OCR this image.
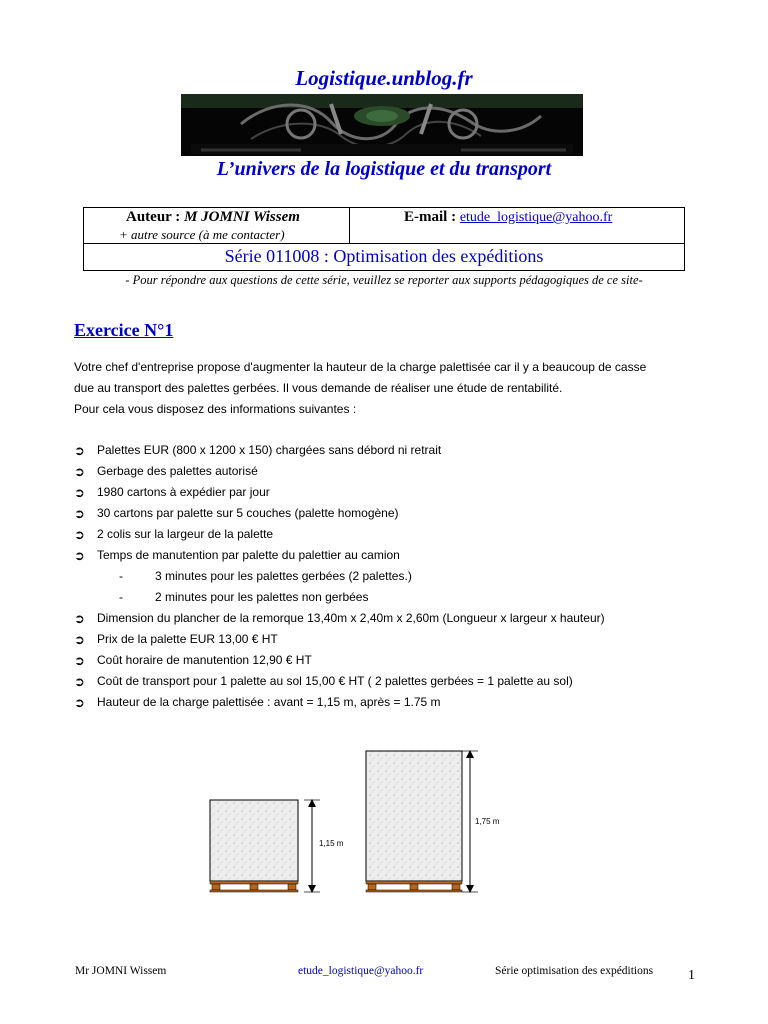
Logistique.unblog.fr
L’univers de la logistique et du transport
Auteur : M JOMNI Wissem
+ autre source (à me contacter)
E-mail : etude_logistique@yahoo.fr
Série 011008 : Optimisation des expéditions
- Pour répondre aux questions de cette série, veuillez se reporter aux supports pédagogiques de ce site-
Exercice N°1
Votre chef d'entreprise propose d'augmenter la hauteur de la charge palettisée car il y a beaucoup de casse
due au transport des palettes gerbées. Il vous demande de réaliser une étude de rentabilité.
Pour cela vous disposez des informations suivantes :
➲	Palettes EUR (800 x 1200 x 150) chargées sans débord ni retrait
➲	Gerbage des palettes autorisé
➲	1980 cartons à expédier par jour
➲	30 cartons par palette sur 5 couches (palette homogène)
➲	2 colis sur la largeur de la palette
➲	Temps de manutention par palette du palettier au camion
-	3 minutes pour les palettes gerbées (2 palettes.)
-	2 minutes pour les palettes non gerbées
➲	Dimension du plancher de la remorque 13,40m x 2,40m x 2,60m (Longueur x largeur x hauteur)
➲	Prix de la palette EUR 13,00 € HT
➲	Coût horaire de manutention 12,90 € HT
➲	Coût de transport pour 1 palette au sol 15,00 € HT ( 2 palettes gerbées = 1 palette au sol)
➲	Hauteur de la charge palettisée : avant = 1,15 m, après = 1.75 m
1,15 m
1,75 m
Mr JOMNI Wissem	etude_logistique@yahoo.fr	Série optimisation des expéditions 1
